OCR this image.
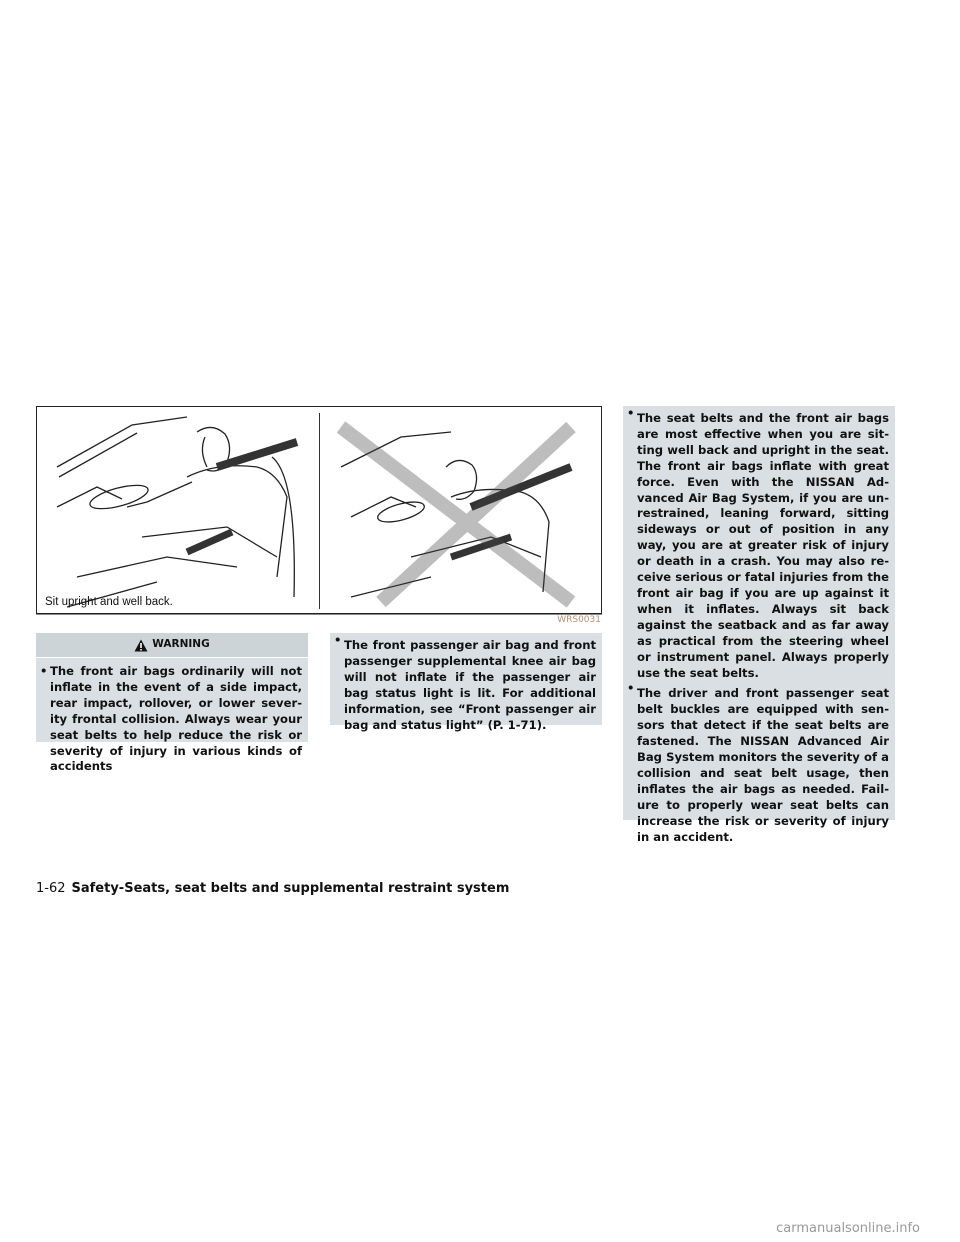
Sit upright and well back.
WRS0031
WARNING
• The front air bags ordinarily will not inflate in the event of a side impact, rear impact, rollover, or lower severity frontal collision. Always wear your seat belts to help reduce the risk or severity of injury in various kinds of accidents
• The front passenger air bag and front passenger supplemental knee air bag will not inflate if the passenger air bag status light is lit. For additional information, see “Front passenger air bag and status light” (P. 1-71).
• The seat belts and the front air bags are most effective when you are sitting well back and upright in the seat. The front air bags inflate with great force. Even with the NISSAN Advanced Air Bag System, if you are unrestrained, leaning forward, sitting sideways or out of position in any way, you are at greater risk of injury or death in a crash. You may also receive serious or fatal injuries from the front air bag if you are up against it when it inflates. Always sit back against the seatback and as far away as practical from the steering wheel or instrument panel. Always properly use the seat belts.
• The driver and front passenger seat belt buckles are equipped with sensors that detect if the seat belts are fastened. The NISSAN Advanced Air Bag System monitors the severity of a collision and seat belt usage, then inflates the air bags as needed. Failure to properly wear seat belts can increase the risk or severity of injury in an accident.
1-62 Safety-Seats, seat belts and supplemental restraint system
carmanualsonline.info
